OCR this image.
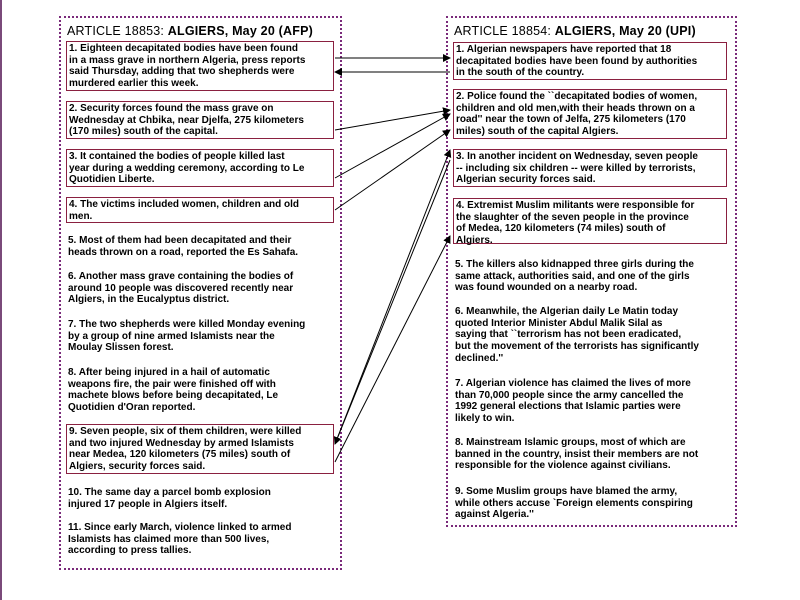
ARTICLE 18853: ALGIERS, May 20 (AFP)	ARTICLE 18854: ALGIERS, May 20 (UPI)
1. Eighteen decapitated bodies have been found
in a mass grave in northern Algeria, press reports
said Thursday, adding that two shepherds were
murdered earlier this week.
2. Security forces found the mass grave on
Wednesday at Chbika, near Djelfa, 275 kilometers
(170 miles) south of the capital.
3. It contained the bodies of people killed last
year during a wedding ceremony, according to Le
Quotidien Liberte.
4. The victims included women, children and old
men.
5. Most of them had been decapitated and their
heads thrown on a road, reported the Es Sahafa.
6. Another mass grave containing the bodies of
around 10 people was discovered recently near
Algiers, in the Eucalyptus district.
7. The two shepherds were killed Monday evening
by a group of nine armed Islamists near the
Moulay Slissen forest.
8. After being injured in a hail of automatic
weapons fire, the pair were finished off with
machete blows before being decapitated, Le
Quotidien d'Oran reported.
9. Seven people, six of them children, were killed
and two injured Wednesday by armed Islamists
near Medea, 120 kilometers (75 miles) south of
Algiers, security forces said.
10. The same day a parcel bomb explosion
injured 17 people in Algiers itself.
11. Since early March, violence linked to armed
Islamists has claimed more than 500 lives,
according to press tallies.
1. Algerian newspapers have reported that 18
decapitated bodies have been found by authorities
in the south of the country.
2. Police found the ``decapitated bodies of women,
children and old men,with their heads thrown on a
road'' near the town of Jelfa, 275 kilometers (170
miles) south of the capital Algiers.
3. In another incident on Wednesday, seven people
-- including six children -- were killed by terrorists,
Algerian security forces said.
4. Extremist Muslim militants were responsible for
the slaughter of the seven people in the province
of Medea, 120 kilometers (74 miles) south of
Algiers.
5. The killers also kidnapped three girls during the
same attack, authorities said, and one of the girls
was found wounded on a nearby road.
6. Meanwhile, the Algerian daily Le Matin today
quoted Interior Minister Abdul Malik Silal as
saying that ``terrorism has not been eradicated,
but the movement of the terrorists has significantly
declined.''
7. Algerian violence has claimed the lives of more
than 70,000 people since the army cancelled the
1992 general elections that Islamic parties were
likely to win.
8. Mainstream Islamic groups, most of which are
banned in the country, insist their members are not
responsible for the violence against civilians.
9. Some Muslim groups have blamed the army,
while others accuse `Foreign elements conspiring
against Algeria.''
